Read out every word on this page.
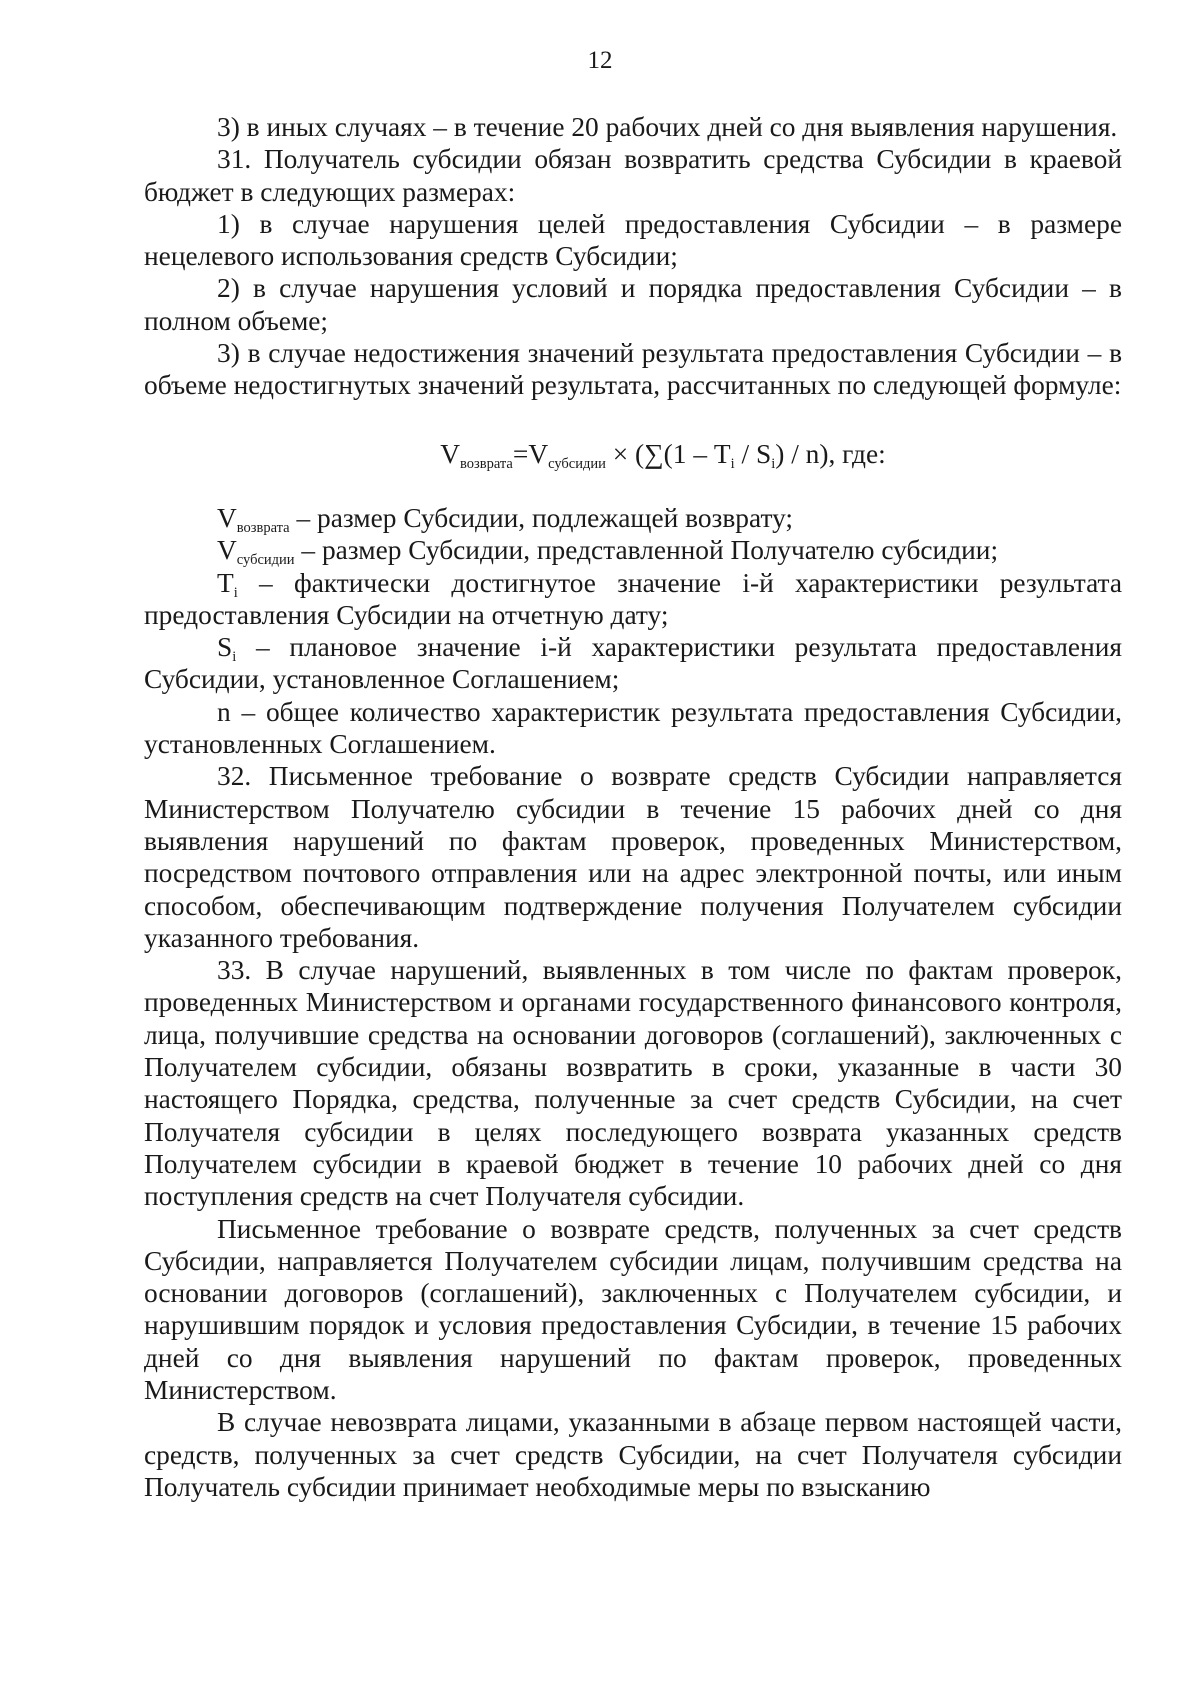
12

3) в иных случаях – в течение 20 рабочих дней со дня выявления нарушения.

31. Получатель субсидии обязан возвратить средства Субсидии в краевой бюджет в следующих размерах:

1) в случае нарушения целей предоставления Субсидии – в размере нецелевого использования средств Субсидии;

2) в случае нарушения условий и порядка предоставления Субсидии – в полном объеме;

3) в случае недостижения значений результата предоставления Субсидии – в объеме недостигнутых значений результата, рассчитанных по следующей формуле:

$V_{возврата}=V_{субсидии} \times (\sum(1 - T_i / S_i) / n)$, где:

$V_{возврата}$ – размер Субсидии, подлежащей возврату;

$V_{субсидии}$ – размер Субсидии, представленной Получателю субсидии;

$T_i$ – фактически достигнутое значение i-й характеристики результата предоставления Субсидии на отчетную дату;

$S_i$ – плановое значение i-й характеристики результата предоставления Субсидии, установленное Соглашением;

n – общее количество характеристик результата предоставления Субсидии, установленных Соглашением.

32. Письменное требование о возврате средств Субсидии направляется Министерством Получателю субсидии в течение 15 рабочих дней со дня выявления нарушений по фактам проверок, проведенных Министерством, посредством почтового отправления или на адрес электронной почты, или иным способом, обеспечивающим подтверждение получения Получателем субсидии указанного требования.

33. В случае нарушений, выявленных в том числе по фактам проверок, проведенных Министерством и органами государственного финансового контроля, лица, получившие средства на основании договоров (соглашений), заключенных с Получателем субсидии, обязаны возвратить в сроки, указанные в части 30 настоящего Порядка, средства, полученные за счет средств Субсидии, на счет Получателя субсидии в целях последующего возврата указанных средств Получателем субсидии в краевой бюджет в течение 10 рабочих дней со дня поступления средств на счет Получателя субсидии.

Письменное требование о возврате средств, полученных за счет средств Субсидии, направляется Получателем субсидии лицам, получившим средства на основании договоров (соглашений), заключенных с Получателем субсидии, и нарушившим порядок и условия предоставления Субсидии, в течение 15 рабочих дней со дня выявления нарушений по фактам проверок, проведенных Министерством.

В случае невозврата лицами, указанными в абзаце первом настоящей части, средств, полученных за счет средств Субсидии, на счет Получателя субсидии Получатель субсидии принимает необходимые меры по взысканию
